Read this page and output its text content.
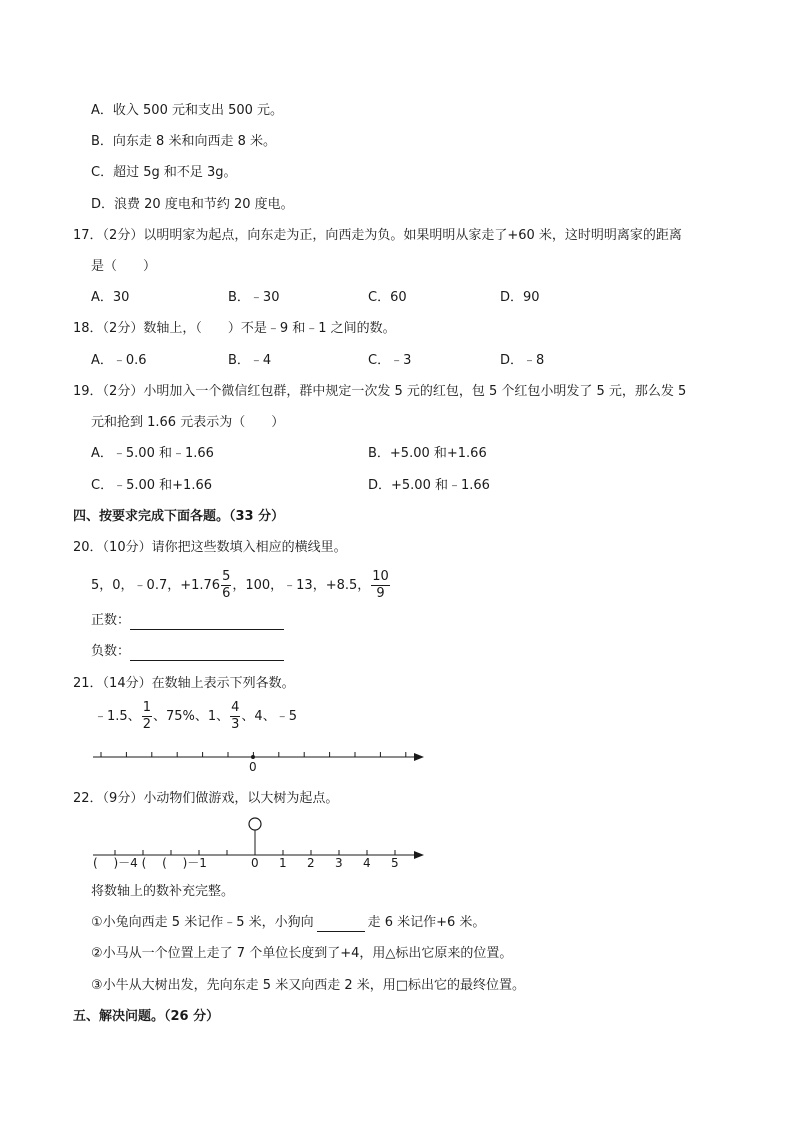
A．收入 500 元和支出 500 元。
B．向东走 8 米和向西走 8 米。
C．超过 5g 和不足 3g。
D．浪费 20 度电和节约 20 度电。
17．（2分）以明明家为起点，向东走为正，向西走为负。如果明明从家走了+60 米，这时明明离家的距离
是（　　）
A．30	B．﹣30	C．60	D．90
18．（2分）数轴上，（　　）不是﹣9 和﹣1 之间的数。
A．﹣0.6	B．﹣4	C．﹣3	D．﹣8
19．（2分）小明加入一个微信红包群，群中规定一次发 5 元的红包，包 5 个红包小明发了 5 元，那么发 5
元和抢到 1.66 元表示为（　　）
A．﹣5.00 和﹣1.66	B．+5.00 和+1.66
C．﹣5.00 和+1.66	D．+5.00 和﹣1.66
四、按要求完成下面各题。（33 分）
20．（10分）请你把这些数填入相应的横线里。
5，0，﹣0.7，$+1.76 \frac{5}{6}$ ，100，﹣13，+8.5， $\frac{10}{9}$
正数：
负数：
21．（14分）在数轴上表示下列各数。
﹣1.5、 $\frac{1}{2}$ 、75%、1、 $\frac{4}{3}$ 、4、﹣5
22．（9分）小动物们做游戏，以大树为起点。
0
(　 )－4 (　 (　 )－1	0 1 2 3 4 5
将数轴上的数补充完整。
①小兔向西走 5 米记作﹣5 米，小狗向	走 6 米记作+6 米。
②小马从一个位置上走了 7 个单位长度到了+4，用△标出它原来的位置。
③小牛从大树出发，先向东走 5 米又向西走 2 米，用□标出它的最终位置。
五、解决问题。（26 分）
